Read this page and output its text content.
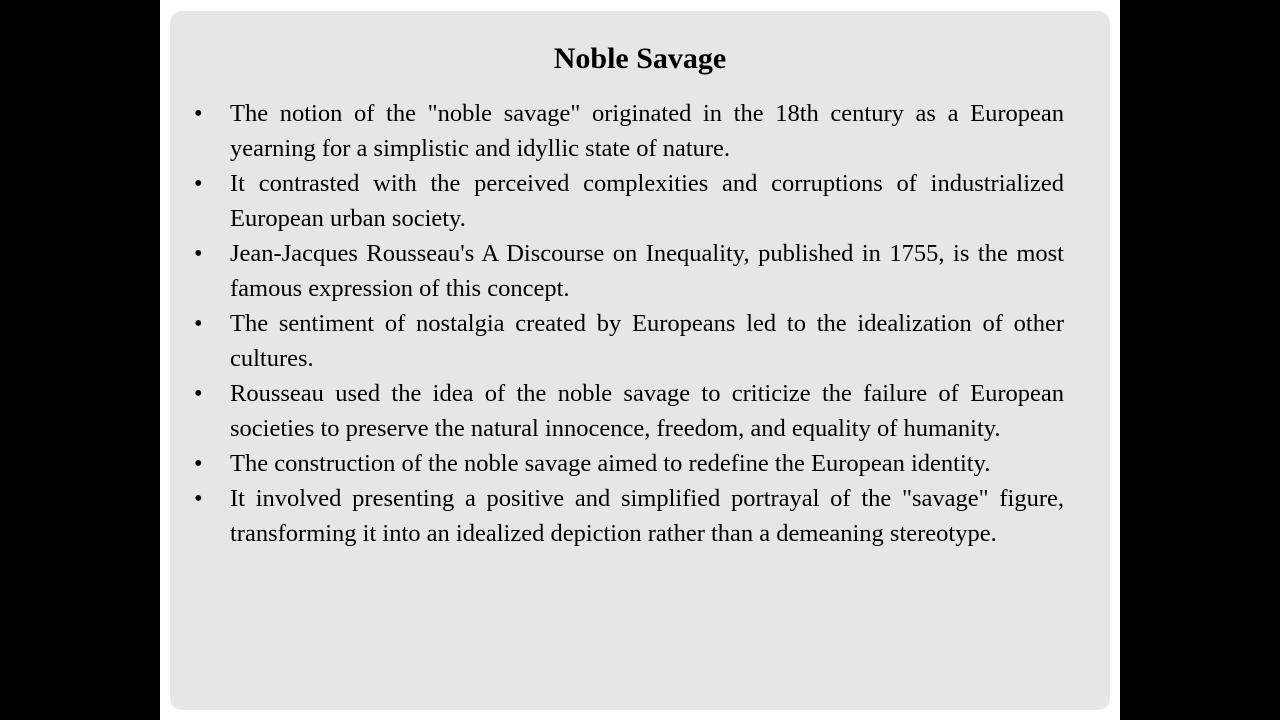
Noble Savage
•	The notion of the "noble savage" originated in the 18th century as a European yearning for a simplistic and idyllic state of nature.
•	It contrasted with the perceived complexities and corruptions of industrialized European urban society.
•	Jean-Jacques Rousseau's A Discourse on Inequality, published in 1755, is the most famous expression of this concept.
•	The sentiment of nostalgia created by Europeans led to the idealization of other cultures.
•	Rousseau used the idea of the noble savage to criticize the failure of European societies to preserve the natural innocence, freedom, and equality of humanity.
•	The construction of the noble savage aimed to redefine the European identity.
•	It involved presenting a positive and simplified portrayal of the "savage" figure, transforming it into an idealized depiction rather than a demeaning stereotype.
